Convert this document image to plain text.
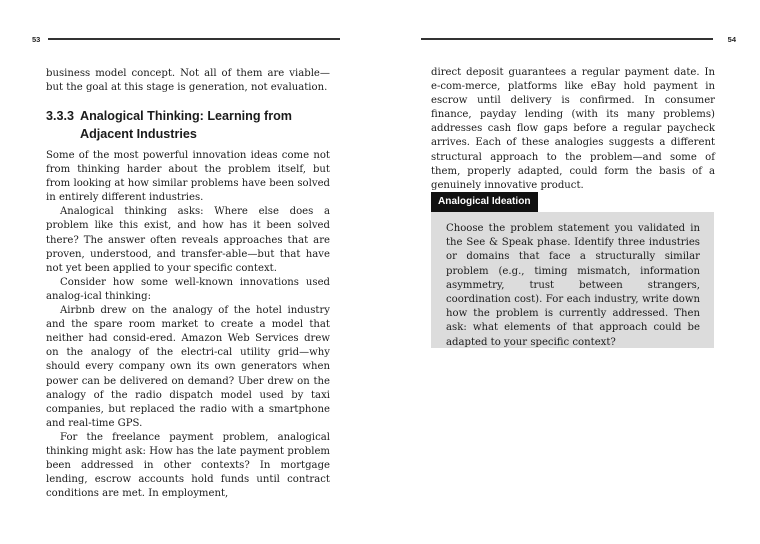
53

business model concept. Not all of them are viable—but the goal at this stage is generation, not evaluation.

3.3.3 Analogical Thinking: Learning from
Adjacent Industries

Some of the most powerful innovation ideas come not from thinking harder about the problem itself, but from looking at how similar problems have been solved in entirely different industries.

Analogical thinking asks: Where else does a problem like this exist, and how has it been solved there? The answer often reveals approaches that are proven, understood, and transfer-able—but that have not yet been applied to your specific context.

Consider how some well-known innovations used analog-ical thinking:

Airbnb drew on the analogy of the hotel industry and the spare room market to create a model that neither had consid-ered. Amazon Web Services drew on the analogy of the electri-cal utility grid—why should every company own its own generators when power can be delivered on demand? Uber drew on the analogy of the radio dispatch model used by taxi companies, but replaced the radio with a smartphone and real-time GPS.

For the freelance payment problem, analogical thinking might ask: How has the late payment problem been addressed in other contexts? In mortgage lending, escrow accounts hold funds until contract conditions are met. In employment,

54

direct deposit guarantees a regular payment date. In e-com-merce, platforms like eBay hold payment in escrow until delivery is confirmed. In consumer finance, payday lending (with its many problems) addresses cash flow gaps before a regular paycheck arrives. Each of these analogies suggests a different structural approach to the problem—and some of them, properly adapted, could form the basis of a genuinely innovative product.

Analogical Ideation
Choose the problem statement you validated in the See & Speak phase. Identify three industries or domains that face a structurally similar problem (e.g., timing mismatch, information asymmetry, trust between strangers, coordination cost). For each industry, write down how the problem is currently addressed. Then ask: what elements of that approach could be adapted to your specific context?
